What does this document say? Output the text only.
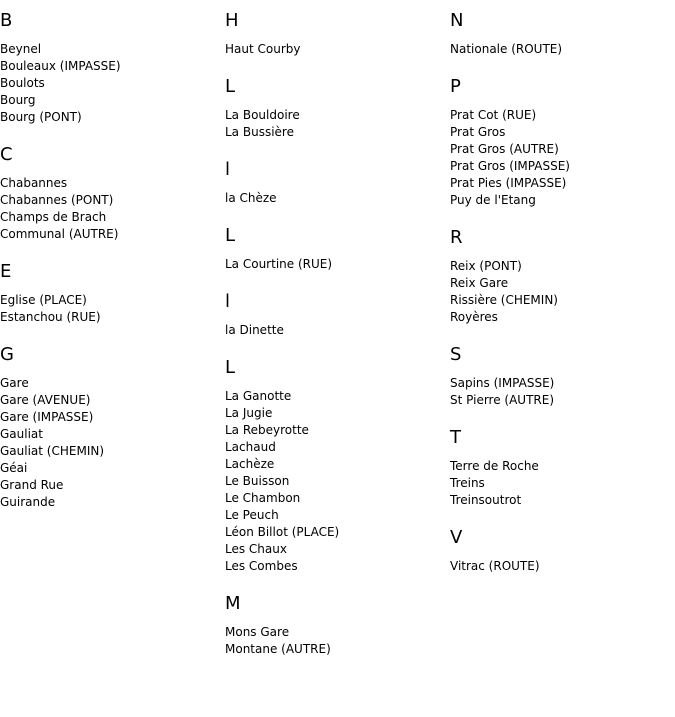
B
Beynel
Bouleaux (IMPASSE)
Boulots
Bourg
Bourg (PONT)
C
Chabannes
Chabannes (PONT)
Champs de Brach
Communal (AUTRE)
E
Eglise (PLACE)
Estanchou (RUE)
G
Gare
Gare (AVENUE)
Gare (IMPASSE)
Gauliat
Gauliat (CHEMIN)
Géai
Grand Rue
Guirande
H
Haut Courby
L
La Bouldoire
La Bussière
l
la Chèze
L
La Courtine (RUE)
l
la Dinette
L
La Ganotte
La Jugie
La Rebeyrotte
Lachaud
Lachèze
Le Buisson
Le Chambon
Le Peuch
Léon Billot (PLACE)
Les Chaux
Les Combes
M
Mons Gare
Montane (AUTRE)
N
Nationale (ROUTE)
P
Prat Cot (RUE)
Prat Gros
Prat Gros (AUTRE)
Prat Gros (IMPASSE)
Prat Pies (IMPASSE)
Puy de l'Etang
R
Reix (PONT)
Reix Gare
Rissière (CHEMIN)
Royères
S
Sapins (IMPASSE)
St Pierre (AUTRE)
T
Terre de Roche
Treins
Treinsoutrot
V
Vitrac (ROUTE)
